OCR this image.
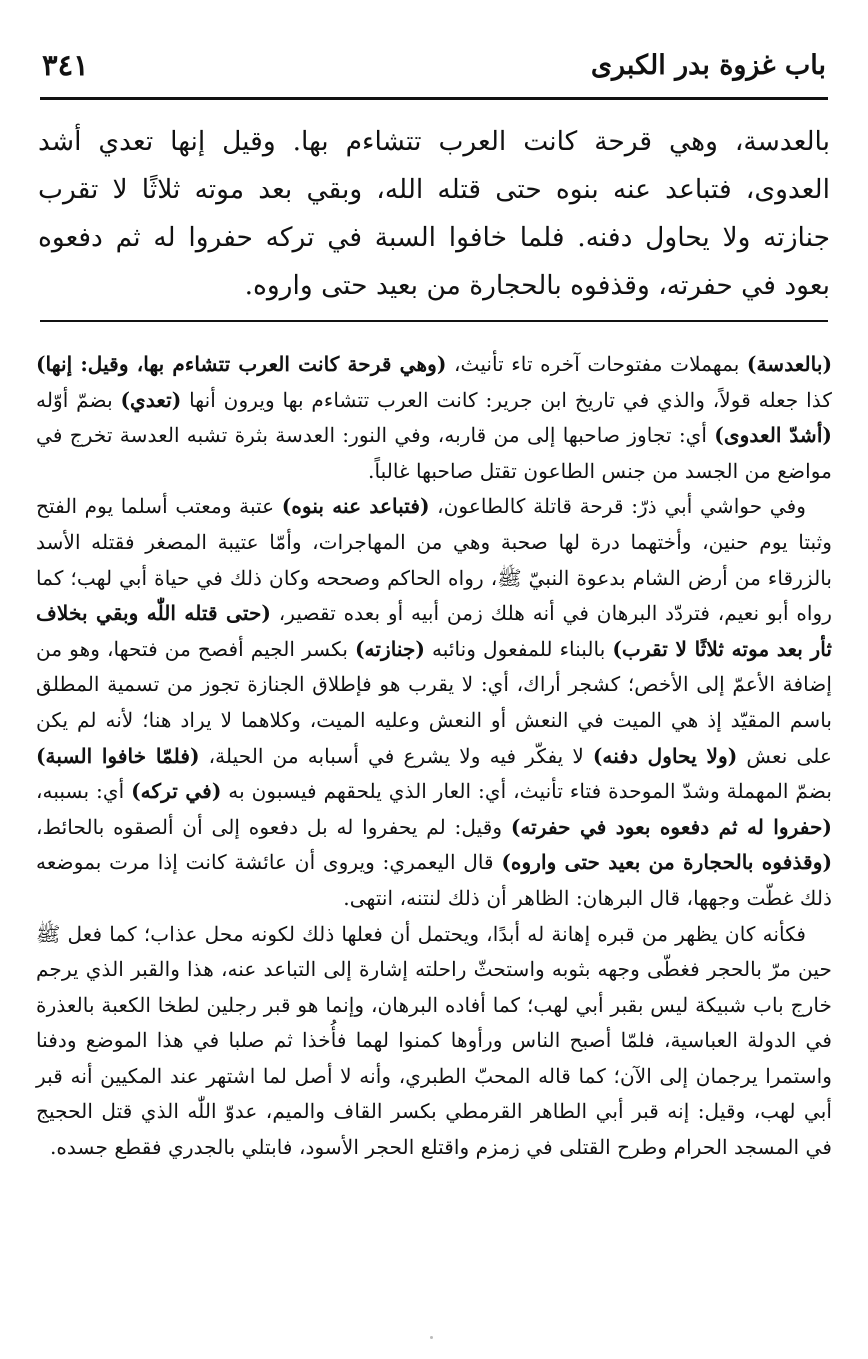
باب غزوة بدر الكبرى
٣٤١

بالعدسة، وهي قرحة كانت العرب تتشاءم بها. وقيل إنها تعدي أشد العدوى، فتباعد عنه بنوه حتى قتله الله، وبقي بعد موته ثلاثًا لا تقرب جنازته ولا يحاول دفنه. فلما خافوا السبة في تركه حفروا له ثم دفعوه بعود في حفرته، وقذفوه بالحجارة من بعيد حتى واروه.

(بالعدسة) بمهملات مفتوحات آخره تاء تأنيث، (وهي قرحة كانت العرب تتشاءم بها، وقيل: إنها) كذا جعله قولاً، والذي في تاريخ ابن جرير: كانت العرب تتشاءم بها ويرون أنها (تعدي) بضمّ أوّله (أشدّ العدوى) أي: تجاوز صاحبها إلى من قاربه، وفي النور: العدسة بثرة تشبه العدسة تخرج في مواضع من الجسد من جنس الطاعون تقتل صاحبها غالباً.

وفي حواشي أبي ذرّ: قرحة قاتلة كالطاعون، (فتباعد عنه بنوه) عتبة ومعتب أسلما يوم الفتح وثبتا يوم حنين، وأختهما درة لها صحبة وهي من المهاجرات، وأمّا عتيبة المصغر فقتله الأسد بالزرقاء من أرض الشام بدعوة النبيّ ﷺ، رواه الحاكم وصححه وكان ذلك في حياة أبي لهب؛ كما رواه أبو نعيم، فتردّد البرهان في أنه هلك زمن أبيه أو بعده تقصير، (حتى قتله اللّٰه وبقي بخلاف ثأر بعد موته ثلاثًا لا تقرب) بالبناء للمفعول ونائبه (جنازته) بكسر الجيم أفصح من فتحها، وهو من إضافة الأعمّ إلى الأخص؛ كشجر أراك، أي: لا يقرب هو فإطلاق الجنازة تجوز من تسمية المطلق باسم المقيّد إذ هي الميت في النعش أو النعش وعليه الميت، وكلاهما لا يراد هنا؛ لأنه لم يكن على نعش (ولا يحاول دفنه) لا يفكّر فيه ولا يشرع في أسبابه من الحيلة، (فلمّا خافوا السبة) بضمّ المهملة وشدّ الموحدة فتاء تأنيث، أي: العار الذي يلحقهم فيسبون به (في تركه) أي: بسببه، (حفروا له ثم دفعوه بعود في حفرته) وقيل: لم يحفروا له بل دفعوه إلى أن ألصقوه بالحائط، (وقذفوه بالحجارة من بعيد حتى واروه) قال اليعمري: ويروى أن عائشة كانت إذا مرت بموضعه ذلك غطّت وجهها، قال البرهان: الظاهر أن ذلك لنتنه، انتهى.

فكأنه كان يظهر من قبره إهانة له أبدًا، ويحتمل أن فعلها ذلك لكونه محل عذاب؛ كما فعل ﷺ حين مرّ بالحجر فغطّى وجهه بثوبه واستحثّ راحلته إشارة إلى التباعد عنه، هذا والقبر الذي يرجم خارج باب شبيكة ليس بقبر أبي لهب؛ كما أفاده البرهان، وإنما هو قبر رجلين لطخا الكعبة بالعذرة في الدولة العباسية، فلمّا أصبح الناس ورأوها كمنوا لهما فأُخذا ثم صلبا في هذا الموضع ودفنا واستمرا يرجمان إلى الآن؛ كما قاله المحبّ الطبري، وأنه لا أصل لما اشتهر عند المكيين أنه قبر أبي لهب، وقيل: إنه قبر أبي الطاهر القرمطي بكسر القاف والميم، عدوّ اللّٰه الذي قتل الحجيج في المسجد الحرام وطرح القتلى في زمزم واقتلع الحجر الأسود، فابتلي بالجدري فقطع جسده.
